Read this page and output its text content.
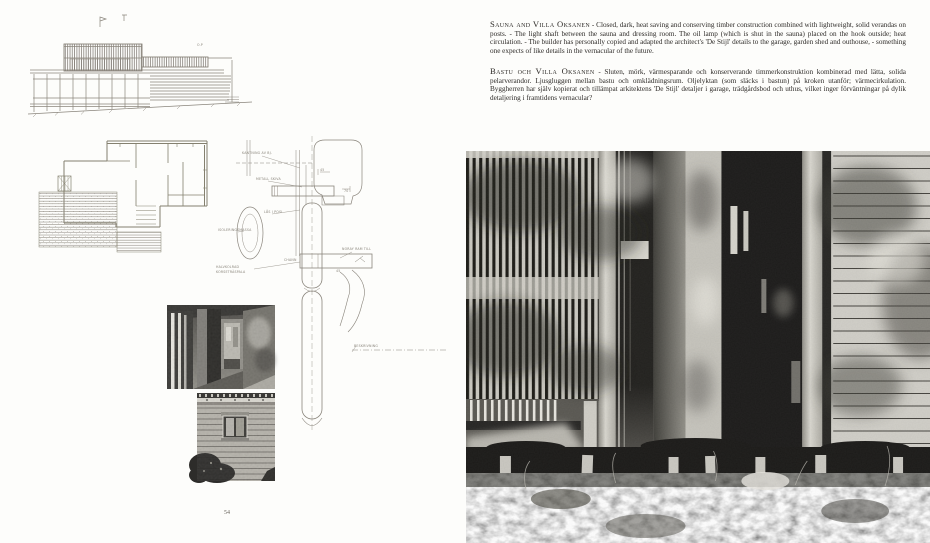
O.P
KANTNING AV BJ.
METALL SKIVA
45
70
LÅS I POSI
ISOLERINGSMASSA
HALVKOLRAD
KORSETRÄSPALA
NORAY RAM TILL
CHANN
45
BESKRIVNING
54

Sauna and Villa Oksanen - Closed, dark, heat saving and conserving timber construction combined with lightweight, solid verandas on posts. - The light shaft between the sauna and dressing room. The oil lamp (which is shut in the sauna) placed on the hook outside; heat circulation. - The builder has personally copied and adapted the architect's 'De Stijl' details to the garage, garden shed and outhouse, - something one expects of like details in the vernacular of the future.

Bastu och Villa Oksanen - Sluten, mörk, värmesparande och konserverande timmerkonstruktion kombinerad med lätta, solida pelarverandor. Ljusgluggen mellan bastu och omklädningsrum. Oljelyktan (som släcks i bastun) på kroken utanför; värmecirkulation. Byggherren har själv kopierat och tillämpat arkitektens 'De Stijl' detaljer i garage, trädgårdsbod och uthus, vilket inger förväntningar på dylik detaljering i framtidens vernacular?
